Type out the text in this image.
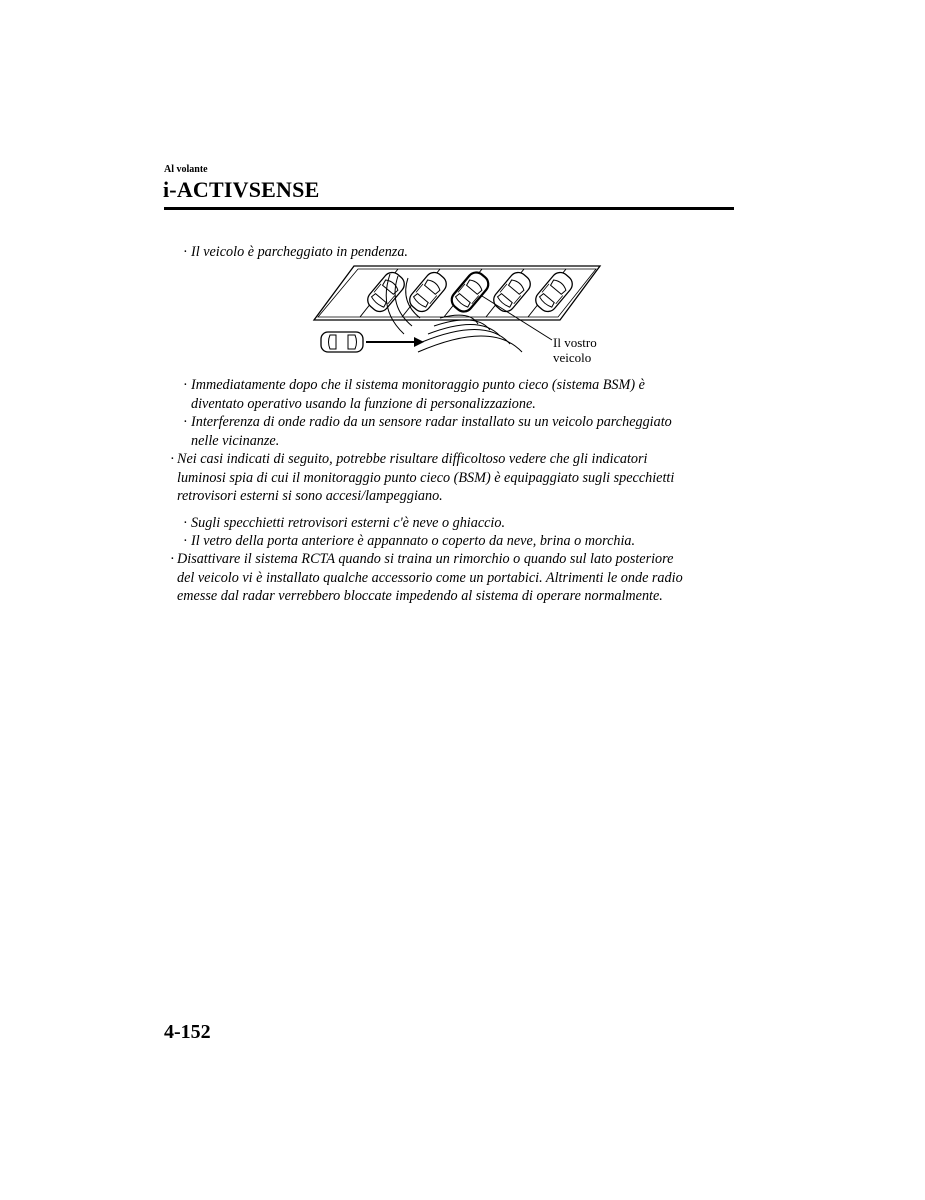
Al volante
i-ACTIVSENSE

· Il veicolo è parcheggiato in pendenza.

Il vostro
veicolo

· Immediatamente dopo che il sistema monitoraggio punto cieco (sistema BSM) è
diventato operativo usando la funzione di personalizzazione.

· Interferenza di onde radio da un sensore radar installato su un veicolo parcheggiato
nelle vicinanze.

· Nei casi indicati di seguito, potrebbe risultare difficoltoso vedere che gli indicatori
luminosi spia di cui il monitoraggio punto cieco (BSM) è equipaggiato sugli specchietti
retrovisori esterni si sono accesi/lampeggiano.

· Sugli specchietti retrovisori esterni c'è neve o ghiaccio.

· Il vetro della porta anteriore è appannato o coperto da neve, brina o morchia.

· Disattivare il sistema RCTA quando si traina un rimorchio o quando sul lato posteriore
del veicolo vi è installato qualche accessorio come un portabici. Altrimenti le onde radio
emesse dal radar verrebbero bloccate impedendo al sistema di operare normalmente.

4-152
